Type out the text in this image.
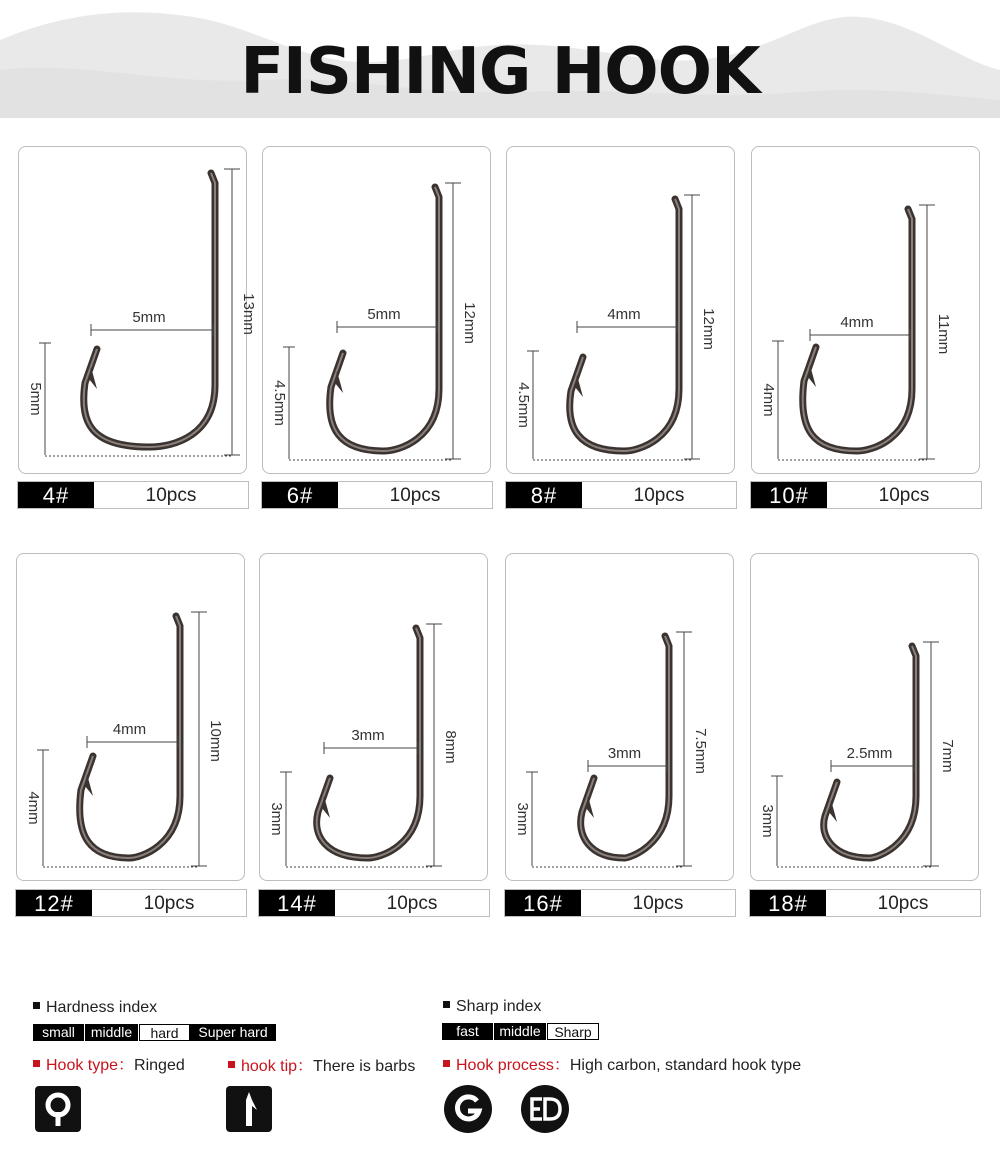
FISHING HOOK
5mm	13mm
5mm
4#	10pcs
5mm	12mm
4.5mm
6#	10pcs
4mm	12mm
4.5mm
8#	10pcs
4mm	11mm
4mm
10#	10pcs
4mm	10mm
4mm
12#	10pcs
3mm	8mm
3mm
14#	10pcs
3mm	7.5mm
3mm
16#	10pcs
2.5mm	7mm
3mm
18#	10pcs
Hardness index
small	middle	hard	Super hard
Sharp index
fast	middle Sharp
Hook type：Ringed	hook tip：There is barbs	Hook process：High carbon, standard hook type
